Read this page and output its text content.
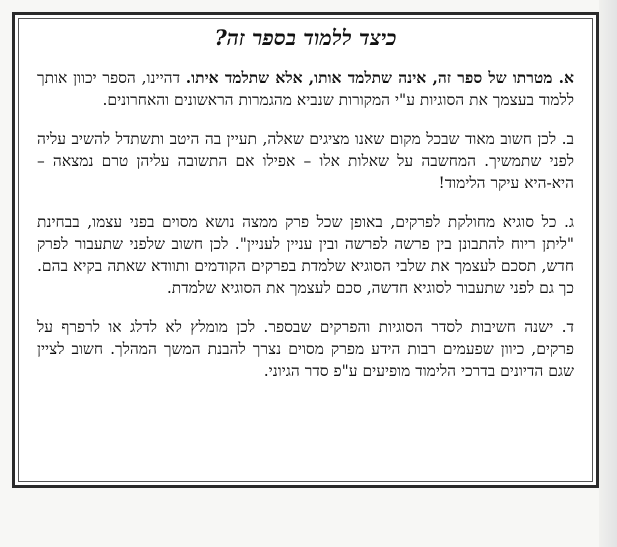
כיצד ללמוד בספר זה?

א. מטרתו של ספר זה, אינה שתלמד אותו, אלא שתלמד איתו. דהיינו, הספר יכוון אותך ללמוד בעצמך את הסוגיות ע"י המקורות שנביא מהגמרות הראשונים והאחרונים.

ב. לכן חשוב מאוד שבכל מקום שאנו מציגים שאלה, תעיין בה היטב ותשתדל להשיב עליה לפני שתמשיך. המחשבה על שאלות אלו – אפילו אם התשובה עליהן טרם נמצאה – היא-היא עיקר הלימוד!

ג. כל סוגיא מחולקת לפרקים, באופן שכל פרק ממצה נושא מסוים בפני עצמו, בבחינת "ליתן ריוח להתבונן בין פרשה לפרשה ובין עניין לעניין". לכן חשוב שלפני שתעבור לפרק חדש, תסכם לעצמך את שלבי הסוגיא שלמדת בפרקים הקודמים ותוודא שאתה בקיא בהם. כך גם לפני שתעבור לסוגיא חדשה, סכם לעצמך את הסוגיא שלמדת.

ד. ישנה חשיבות לסדר הסוגיות והפרקים שבספר. לכן מומלץ לא לדלג או לרפרף על פרקים, כיוון שפעמים רבות הידע מפרק מסוים נצרך להבנת המשך המהלך. חשוב לציין שגם הדיונים בדרכי הלימוד מופיעים ע"פ סדר הגיוני.
